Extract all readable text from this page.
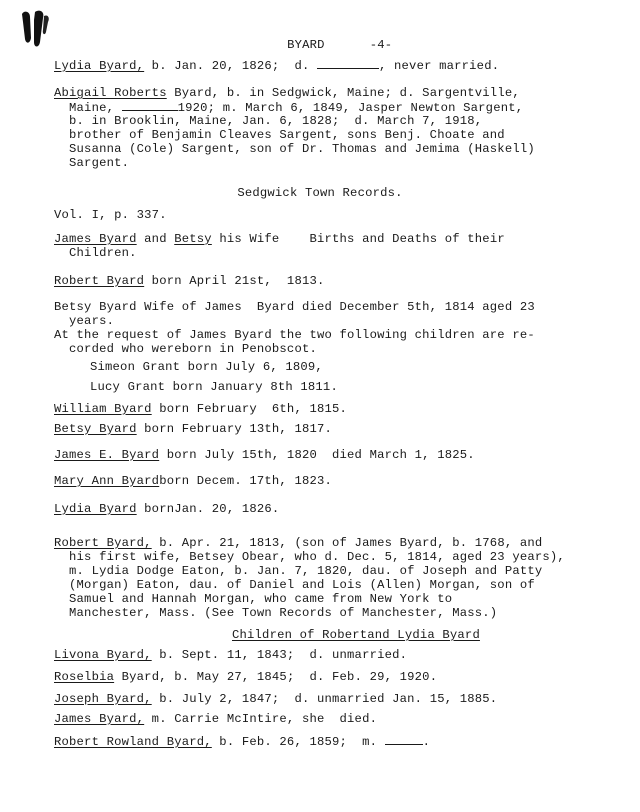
BYARD	-4-

Lydia Byard, b. Jan. 20, 1826;  d.	, never married.
Abigail Roberts Byard, b. in Sedgwick, Maine; d. Sargentville,
Maine,	1920; m. March 6, 1849, Jasper Newton Sargent,
b. in Brooklin, Maine, Jan. 6, 1828;  d. March 7, 1918,
brother of Benjamin Cleaves Sargent, sons Benj. Choate and
Susanna (Cole) Sargent, son of Dr. Thomas and Jemima (Haskell)
Sargent.
Sedgwick Town Records.
Vol. I, p. 337.
James Byard and Betsy his Wife    Births and Deaths of their
Children.
Robert Byard born April 21st,  1813.
Betsy Byard Wife of James  Byard died December 5th, 1814 aged 23
years.
At the request of James Byard the two following children are re-
corded who wereborn in Penobscot.
Simeon Grant born July 6, 1809,
Lucy Grant born January 8th 1811.
William Byard born February  6th, 1815.
Betsy Byard born February 13th, 1817.
James E. Byard born July 15th, 1820  died March 1, 1825.
Mary Ann Byardborn Decem. 17th, 1823.
Lydia Byard bornJan. 20, 1826.
Robert Byard, b. Apr. 21, 1813, (son of James Byard, b. 1768, and
his first wife, Betsey Obear, who d. Dec. 5, 1814, aged 23 years),
m. Lydia Dodge Eaton, b. Jan. 7, 1820, dau. of Joseph and Patty
(Morgan) Eaton, dau. of Daniel and Lois (Allen) Morgan, son of
Samuel and Hannah Morgan, who came from New York to
Manchester, Mass. (See Town Records of Manchester, Mass.)
Children of Robertand Lydia Byard
Livona Byard, b. Sept. 11, 1843;  d. unmarried.
Roselbia Byard, b. May 27, 1845;  d. Feb. 29, 1920.
Joseph Byard, b. July 2, 1847;  d. unmarried Jan. 15, 1885.
James Byard, m. Carrie McIntire, she  died.
Robert Rowland Byard, b. Feb. 26, 1859;  m.	.
